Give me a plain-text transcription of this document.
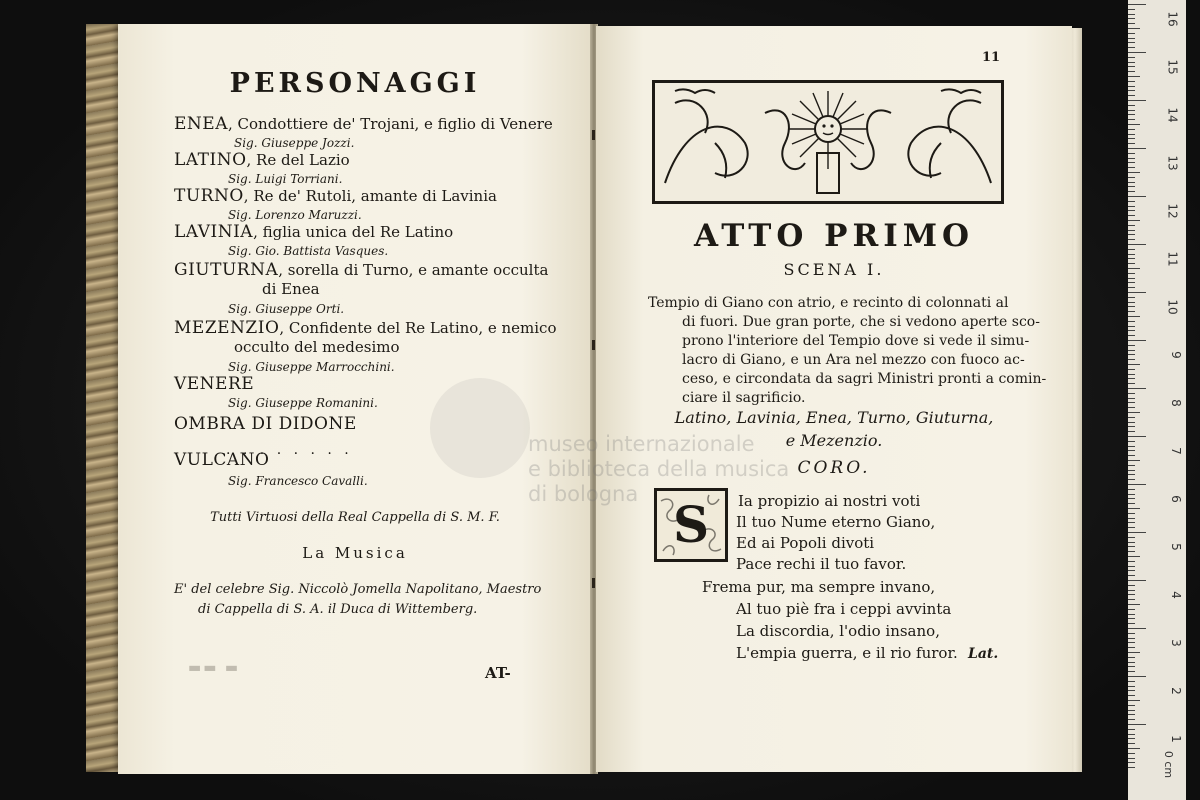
PERSONAGGI
ENEA, Condottiere de' Trojani, e figlio di Venere
Sig. Giuseppe Jozzi.
LATINO, Re del Lazio
Sig. Luigi Torriani.
TURNO, Re de' Rutoli, amante di Lavinia
Sig. Lorenzo Maruzzi.
LAVINIA, figlia unica del Re Latino
Sig. Gio. Battista Vasques.
GIUTURNA, sorella di Turno, e amante occulta
di Enea
Sig. Giuseppe Orti.
MEZENZIO, Confidente del Re Latino, e nemico
occulto del medesimo
Sig. Giuseppe Marrocchini.
VENERE
Sig. Giuseppe Romanini.
OMBRA DI DIDONE
. . . . . . . .
VULCANO
Sig. Francesco Cavalli.
Tutti Virtuosi della Real Cappella di S. M. F.
La Musica
E' del celebre Sig. Niccolò Jomella Napolitano, Maestro
di Cappella di S. A. il Duca di Wittemberg.
▬▬ ▬	AT-
11
ATTO PRIMO
SCENA I.
Tempio di Giano con atrio, e recinto di colonnati al
di fuori. Due gran porte, che si vedono aperte sco-
prono l'interiore del Tempio dove si vede il simu-
lacro di Giano, e un Ara nel mezzo con fuoco ac-
ceso, e circondata da sagri Ministri pronti a comin-
ciare il sagrificio.
Latino, Lavinia, Enea, Turno, Giuturna,
e Mezenzio.
CORO.
S	Ia propizio ai nostri voti
Il tuo Nume eterno Giano,
Ed ai Popoli divoti
Pace rechi il tuo favor.
Frema pur, ma sempre invano,
Al tuo piè fra i ceppi avvinta
La discordia, l'odio insano,
L'empia guerra, e il rio furor. Lat.
museo internazionale
e biblioteca della musica
di bologna
16
15
14
13
12
11
10
9
8
7
6
5
4
3
2
1
0 cm
